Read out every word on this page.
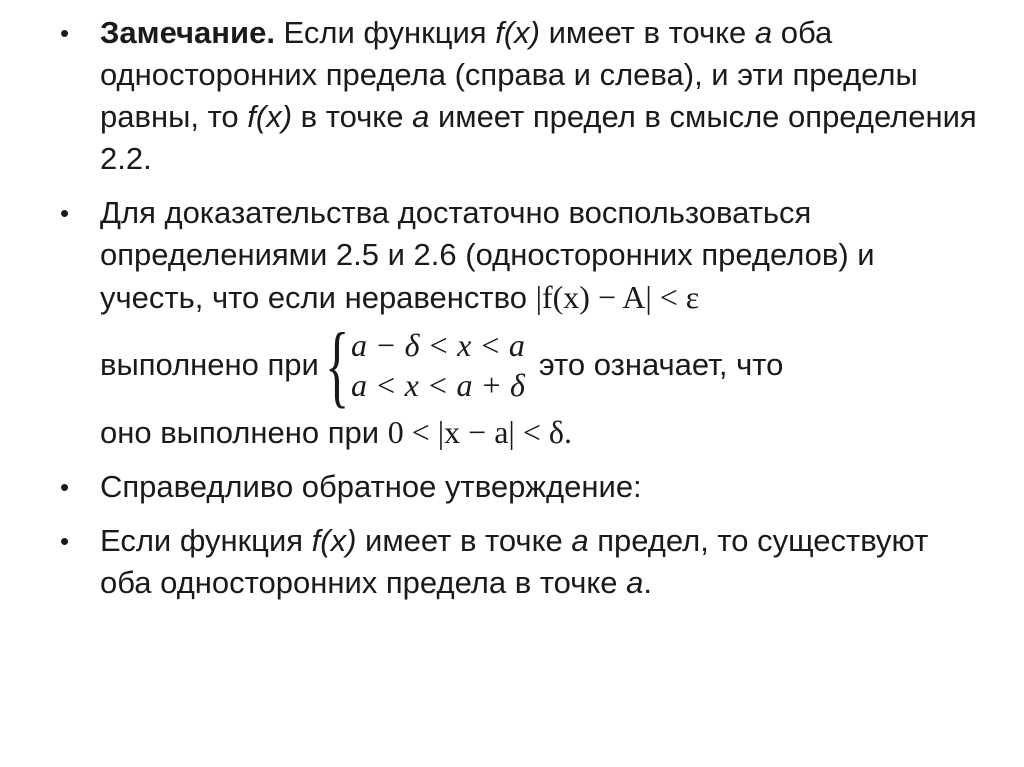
• Замечание. Если функция f(x) имеет в точке a оба односторонних предела (справа и слева), и эти пределы равны, то f(x) в точке a имеет предел в смысле определения 2.2.
• Для доказательства достаточно воспользоваться определениями 2.5 и 2.6 (односторонних пределов) и учесть, что если неравенство |f(x) − A| < ε
выполнено при { a − δ < x < a
a < x < a + δ
это означает, что
оно выполнено при 0 < |x − a| < δ.
• Справедливо обратное утверждение:
• Если функция f(x) имеет в точке a предел, то существуют оба односторонних предела в точке a.
